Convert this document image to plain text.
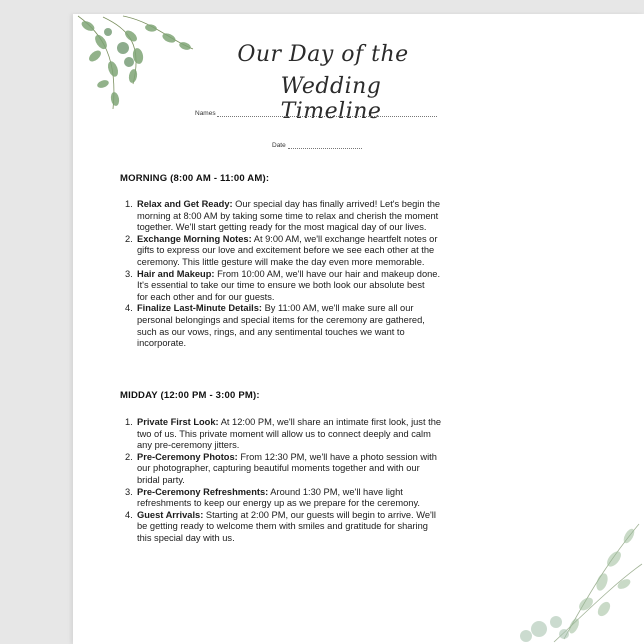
Our Day of the
Wedding Timeline
Names
Date
MORNING (8:00 AM - 11:00 AM):
1. Relax and Get Ready: Our special day has finally arrived! Let's begin the
morning at 8:00 AM by taking some time to relax and cherish the moment
together. We'll start getting ready for the most magical day of our lives.
2. Exchange Morning Notes: At 9:00 AM, we'll exchange heartfelt notes or
gifts to express our love and excitement before we see each other at the
ceremony. This little gesture will make the day even more memorable.
3. Hair and Makeup: From 10:00 AM, we'll have our hair and makeup done.
It's essential to take our time to ensure we both look our absolute best
for each other and for our guests.
4. Finalize Last-Minute Details: By 11:00 AM, we'll make sure all our
personal belongings and special items for the ceremony are gathered,
such as our vows, rings, and any sentimental touches we want to
incorporate.
MIDDAY (12:00 PM - 3:00 PM):
1. Private First Look: At 12:00 PM, we'll share an intimate first look, just the
two of us. This private moment will allow us to connect deeply and calm
any pre-ceremony jitters.
2. Pre-Ceremony Photos: From 12:30 PM, we'll have a photo session with
our photographer, capturing beautiful moments together and with our
bridal party.
3. Pre-Ceremony Refreshments: Around 1:30 PM, we'll have light
refreshments to keep our energy up as we prepare for the ceremony.
4. Guest Arrivals: Starting at 2:00 PM, our guests will begin to arrive. We'll
be getting ready to welcome them with smiles and gratitude for sharing
this special day with us.
